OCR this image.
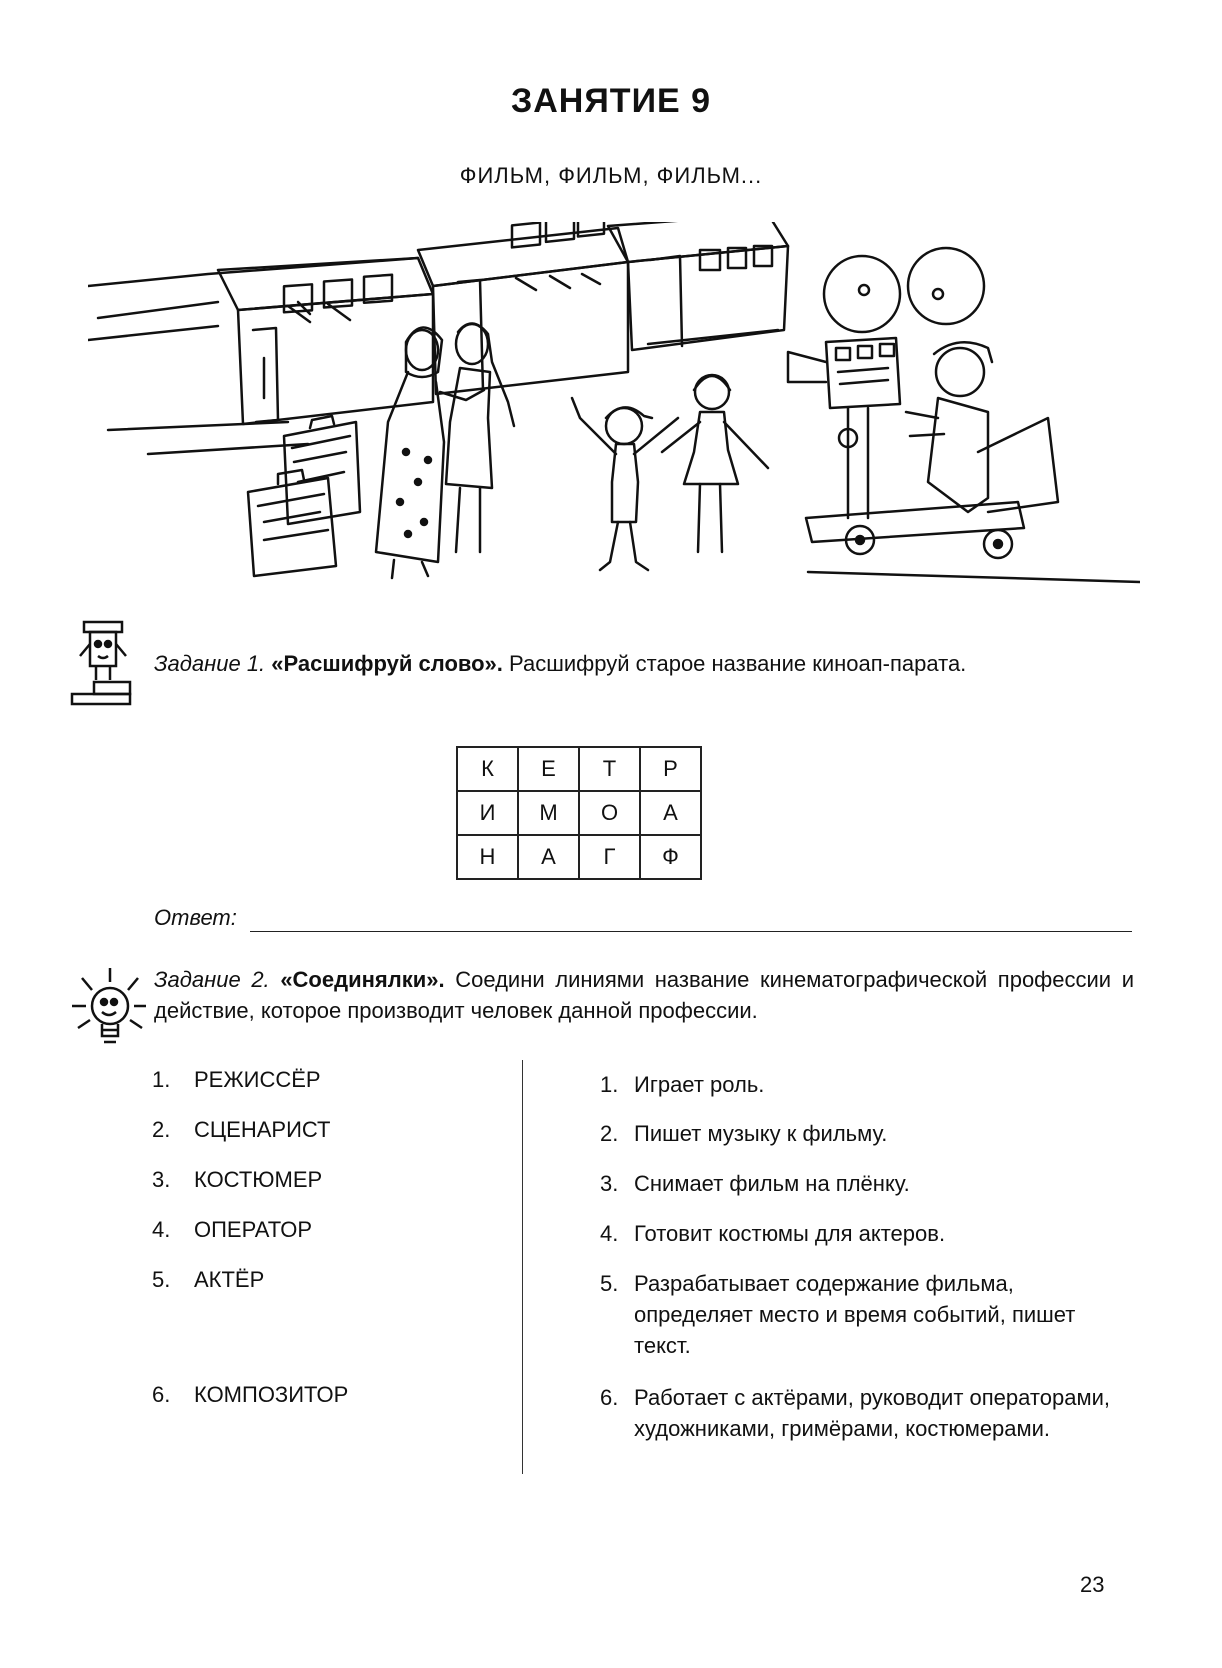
ЗАНЯТИЕ 9
ФИЛЬМ, ФИЛЬМ, ФИЛЬМ...
Задание 1. «Расшифруй слово». Расшифруй старое название киноап-парата.
К	Е	Т	Р
И	М	О	А
Н	А	Г	Ф
Ответ:
Задание 2. «Соединялки». Соедини линиями название кинематографической профессии и действие, которое производит человек данной профессии.
1. РЕЖИССЁР
2. СЦЕНАРИСТ
3. КОСТЮМЕР
4. ОПЕРАТОР
5. АКТЁР
6. КОМПОЗИТОР
1. Играет роль.
2. Пишет музыку к фильму.
3. Снимает фильм на плёнку.
4. Готовит костюмы для актеров.
5. Разрабатывает содержание фильма, определяет место и время событий, пишет текст.
6. Работает с актёрами, руководит операторами, художниками, гримёрами, костюмерами.
23
